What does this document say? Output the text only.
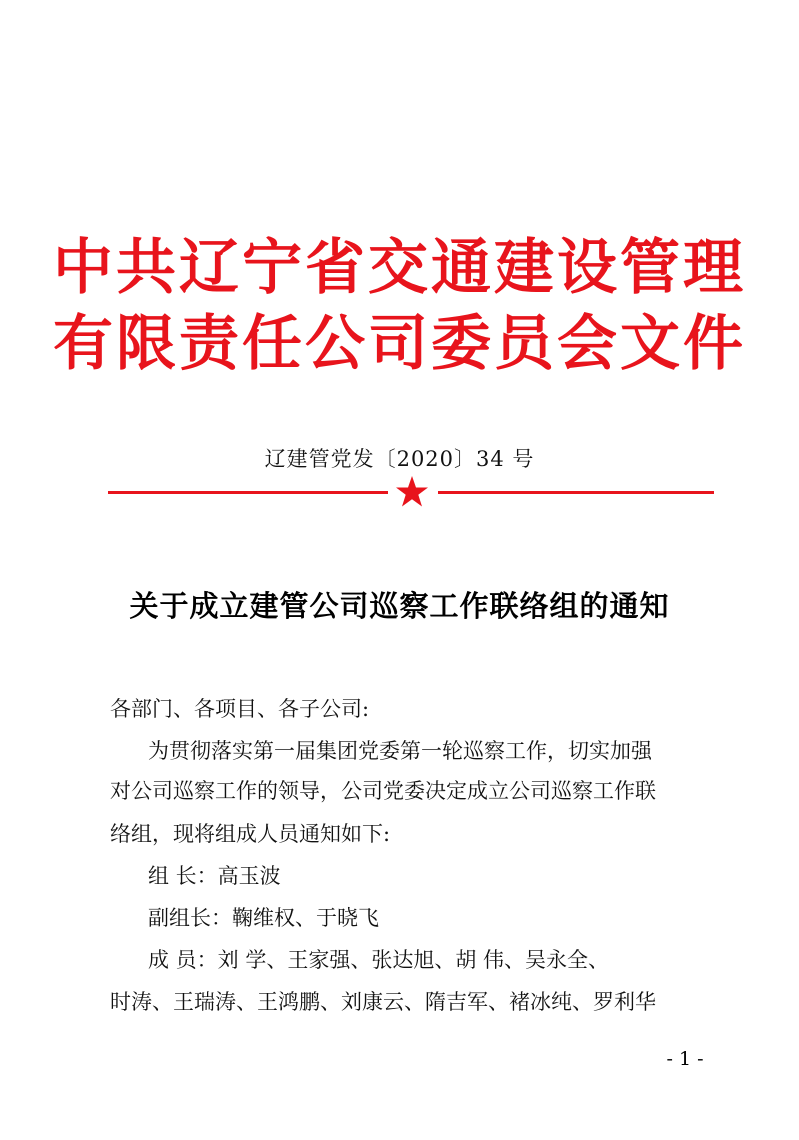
中共辽宁省交通建设管理
有限责任公司委员会文件
辽建管党发〔2020〕34 号
关于成立建管公司巡察工作联络组的通知
各部门、各项目、各子公司:
为贯彻落实第一届集团党委第一轮巡察工作，切实加强
对公司巡察工作的领导，公司党委决定成立公司巡察工作联
络组，现将组成人员通知如下:
组 长：高玉波
副组长：鞠维权、于晓飞
成 员：刘 学、王家强、张达旭、胡 伟、吴永全、
时涛、王瑞涛、王鸿鹏、刘康云、隋吉军、褚冰纯、罗利华
- 1 -
